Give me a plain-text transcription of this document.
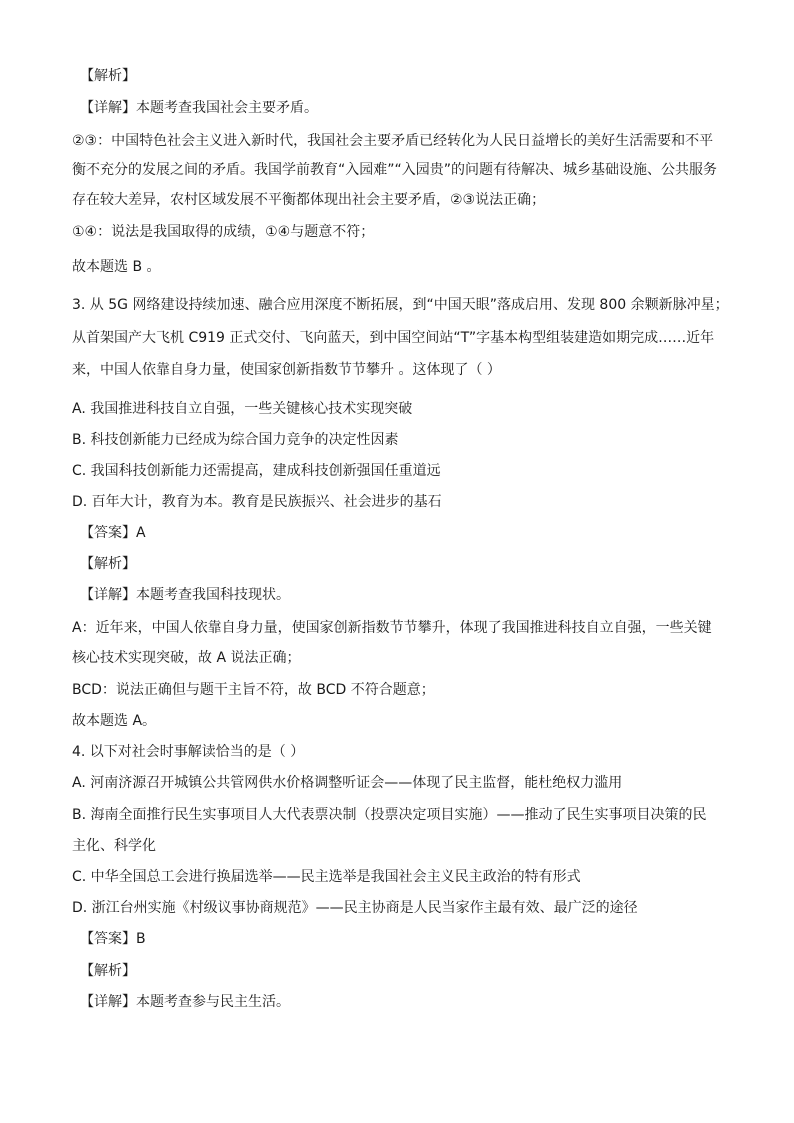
【解析】
【详解】本题考查我国社会主要矛盾。
②③：中国特色社会主义进入新时代，我国社会主要矛盾已经转化为人民日益增长的美好生活需要和不平
衡不充分的发展之间的矛盾。我国学前教育“入园难”“入园贵”的问题有待解决、城乡基础设施、公共服务
存在较大差异，农村区域发展不平衡都体现出社会主要矛盾，②③说法正确；
①④：说法是我国取得的成绩，①④与题意不符；
故本题选 B 。
3. 从 5G 网络建设持续加速、融合应用深度不断拓展，到“中国天眼”落成启用、发现 800 余颗新脉冲星；
从首架国产大飞机 C919 正式交付、飞向蓝天，到中国空间站“T”字基本构型组装建造如期完成……近年
来，中国人依靠自身力量，使国家创新指数节节攀升 。这体现了（ ）
A. 我国推进科技自立自强，一些关键核心技术实现突破
B. 科技创新能力已经成为综合国力竞争的决定性因素
C. 我国科技创新能力还需提高，建成科技创新强国任重道远
D. 百年大计，教育为本。教育是民族振兴、社会进步的基石
【答案】A
【解析】
【详解】本题考查我国科技现状。
A：近年来，中国人依靠自身力量，使国家创新指数节节攀升，体现了我国推进科技自立自强，一些关键
核心技术实现突破，故 A 说法正确；
BCD：说法正确但与题干主旨不符，故 BCD 不符合题意；
故本题选 A。
4. 以下对社会时事解读恰当的是（ ）
A. 河南济源召开城镇公共管网供水价格调整听证会——体现了民主监督，能杜绝权力滥用
B. 海南全面推行民生实事项目人大代表票决制（投票决定项目实施）——推动了民生实事项目决策的民
主化、科学化
C. 中华全国总工会进行换届选举——民主选举是我国社会主义民主政治的特有形式
D. 浙江台州实施《村级议事协商规范》——民主协商是人民当家作主最有效、最广泛的途径
【答案】B
【解析】
【详解】本题考查参与民主生活。
